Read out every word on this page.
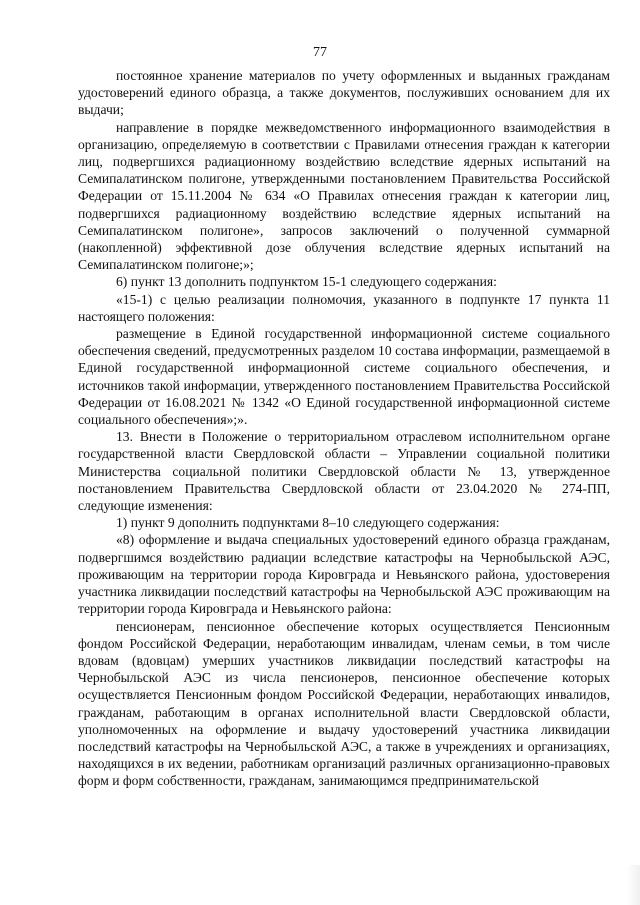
77

постоянное хранение материалов по учету оформленных и выданных гражданам удостоверений единого образца, а также документов, послуживших основанием для их выдачи;

направление в порядке межведомственного информационного взаимодействия в организацию, определяемую в соответствии с Правилами отнесения граждан к категории лиц, подвергшихся радиационному воздействию вследствие ядерных испытаний на Семипалатинском полигоне, утвержденными постановлением Правительства Российской Федерации от 15.11.2004 № 634 «О Правилах отнесения граждан к категории лиц, подвергшихся радиационному воздействию вследствие ядерных испытаний на Семипалатинском полигоне», запросов заключений о полученной суммарной (накопленной) эффективной дозе облучения вследствие ядерных испытаний на Семипалатинском полигоне;»;

6) пункт 13 дополнить подпунктом 15-1 следующего содержания:

«15-1) с целью реализации полномочия, указанного в подпункте 17 пункта 11 настоящего положения:

размещение в Единой государственной информационной системе социального обеспечения сведений, предусмотренных разделом 10 состава информации, размещаемой в Единой государственной информационной системе социального обеспечения, и источников такой информации, утвержденного постановлением Правительства Российской Федерации от 16.08.2021 № 1342 «О Единой государственной информационной системе социального обеспечения»;».

13. Внести в Положение о территориальном отраслевом исполнительном органе государственной власти Свердловской области – Управлении социальной политики Министерства социальной политики Свердловской области № 13, утвержденное постановлением Правительства Свердловской области от 23.04.2020 № 274-ПП, следующие изменения:

1) пункт 9 дополнить подпунктами 8–10 следующего содержания:

«8) оформление и выдача специальных удостоверений единого образца гражданам, подвергшимся воздействию радиации вследствие катастрофы на Чернобыльской АЭС, проживающим на территории города Кировграда и Невьянского района, удостоверения участника ликвидации последствий катастрофы на Чернобыльской АЭС проживающим на территории города Кировграда и Невьянского района:

пенсионерам, пенсионное обеспечение которых осуществляется Пенсионным фондом Российской Федерации, неработающим инвалидам, членам семьи, в том числе вдовам (вдовцам) умерших участников ликвидации последствий катастрофы на Чернобыльской АЭС из числа пенсионеров, пенсионное обеспечение которых осуществляется Пенсионным фондом Российской Федерации, неработающих инвалидов, гражданам, работающим в органах исполнительной власти Свердловской области, уполномоченных на оформление и выдачу удостоверений участника ликвидации последствий катастрофы на Чернобыльской АЭС, а также в учреждениях и организациях, находящихся в их ведении, работникам организаций различных организационно-правовых форм и форм собственности, гражданам, занимающимся предпринимательской
